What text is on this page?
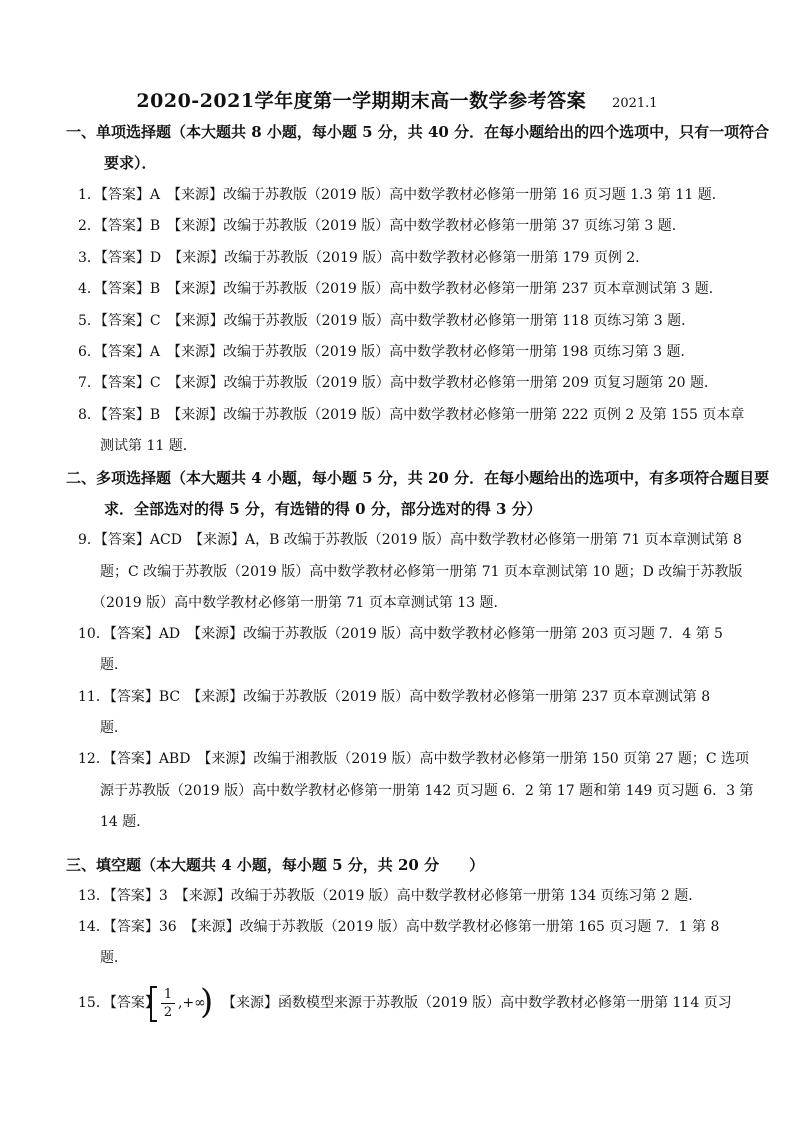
2020-2021学年度第一学期期末高一数学参考答案 2021.1
一、单项选择题（本大题共 8 小题，每小题 5 分，共 40 分．在每小题给出的四个选项中，只有一项符合
要求）．
1．【答案】A　【来源】改编于苏教版（2019 版）高中数学教材必修第一册第 16 页习题 1.3 第 11 题．
2．【答案】B　【来源】改编于苏教版（2019 版）高中数学教材必修第一册第 37 页练习第 3 题．
3．【答案】D　【来源】改编于苏教版（2019 版）高中数学教材必修第一册第 179 页例 2．
4．【答案】B　【来源】改编于苏教版（2019 版）高中数学教材必修第一册第 237 页本章测试第 3 题．
5．【答案】C　【来源】改编于苏教版（2019 版）高中数学教材必修第一册第 118 页练习第 3 题．
6．【答案】A　【来源】改编于苏教版（2019 版）高中数学教材必修第一册第 198 页练习第 3 题．
7．【答案】C　【来源】改编于苏教版（2019 版）高中数学教材必修第一册第 209 页复习题第 20 题．
8．【答案】B　【来源】改编于苏教版（2019 版）高中数学教材必修第一册第 222 页例 2 及第 155 页本章
测试第 11 题．
二、多项选择题（本大题共 4 小题，每小题 5 分，共 20 分．在每小题给出的选项中，有多项符合题目要
求．全部选对的得 5 分，有选错的得 0 分，部分选对的得 3 分）
9．【答案】ACD　【来源】A，B 改编于苏教版（2019 版）高中数学教材必修第一册第 71 页本章测试第 8
题；C 改编于苏教版（2019 版）高中数学教材必修第一册第 71 页本章测试第 10 题；D 改编于苏教版
（2019 版）高中数学教材必修第一册第 71 页本章测试第 13 题．
10．【答案】AD　【来源】改编于苏教版（2019 版）高中数学教材必修第一册第 203 页习题 7．4 第 5
题．
11．【答案】BC　【来源】改编于苏教版（2019 版）高中数学教材必修第一册第 237 页本章测试第 8
题．
12．【答案】ABD　【来源】改编于湘教版（2019 版）高中数学教材必修第一册第 150 页第 27 题；C 选项
源于苏教版（2019 版）高中数学教材必修第一册第 142 页习题 6．2 第 17 题和第 149 页习题 6．3 第
14 题．
三、填空题（本大题共 4 小题，每小题 5 分，共 20 分　　）
13．【答案】3　【来源】改编于苏教版（2019 版）高中数学教材必修第一册第 134 页练习第 2 题．
14．【答案】36　【来源】改编于苏教版（2019 版）高中数学教材必修第一册第 165 页习题 7．1 第 8
题．
15．【答案】
1
2
,+∞
) 【来源】函数模型来源于苏教版（2019 版）高中数学教材必修第一册第 114 页习
